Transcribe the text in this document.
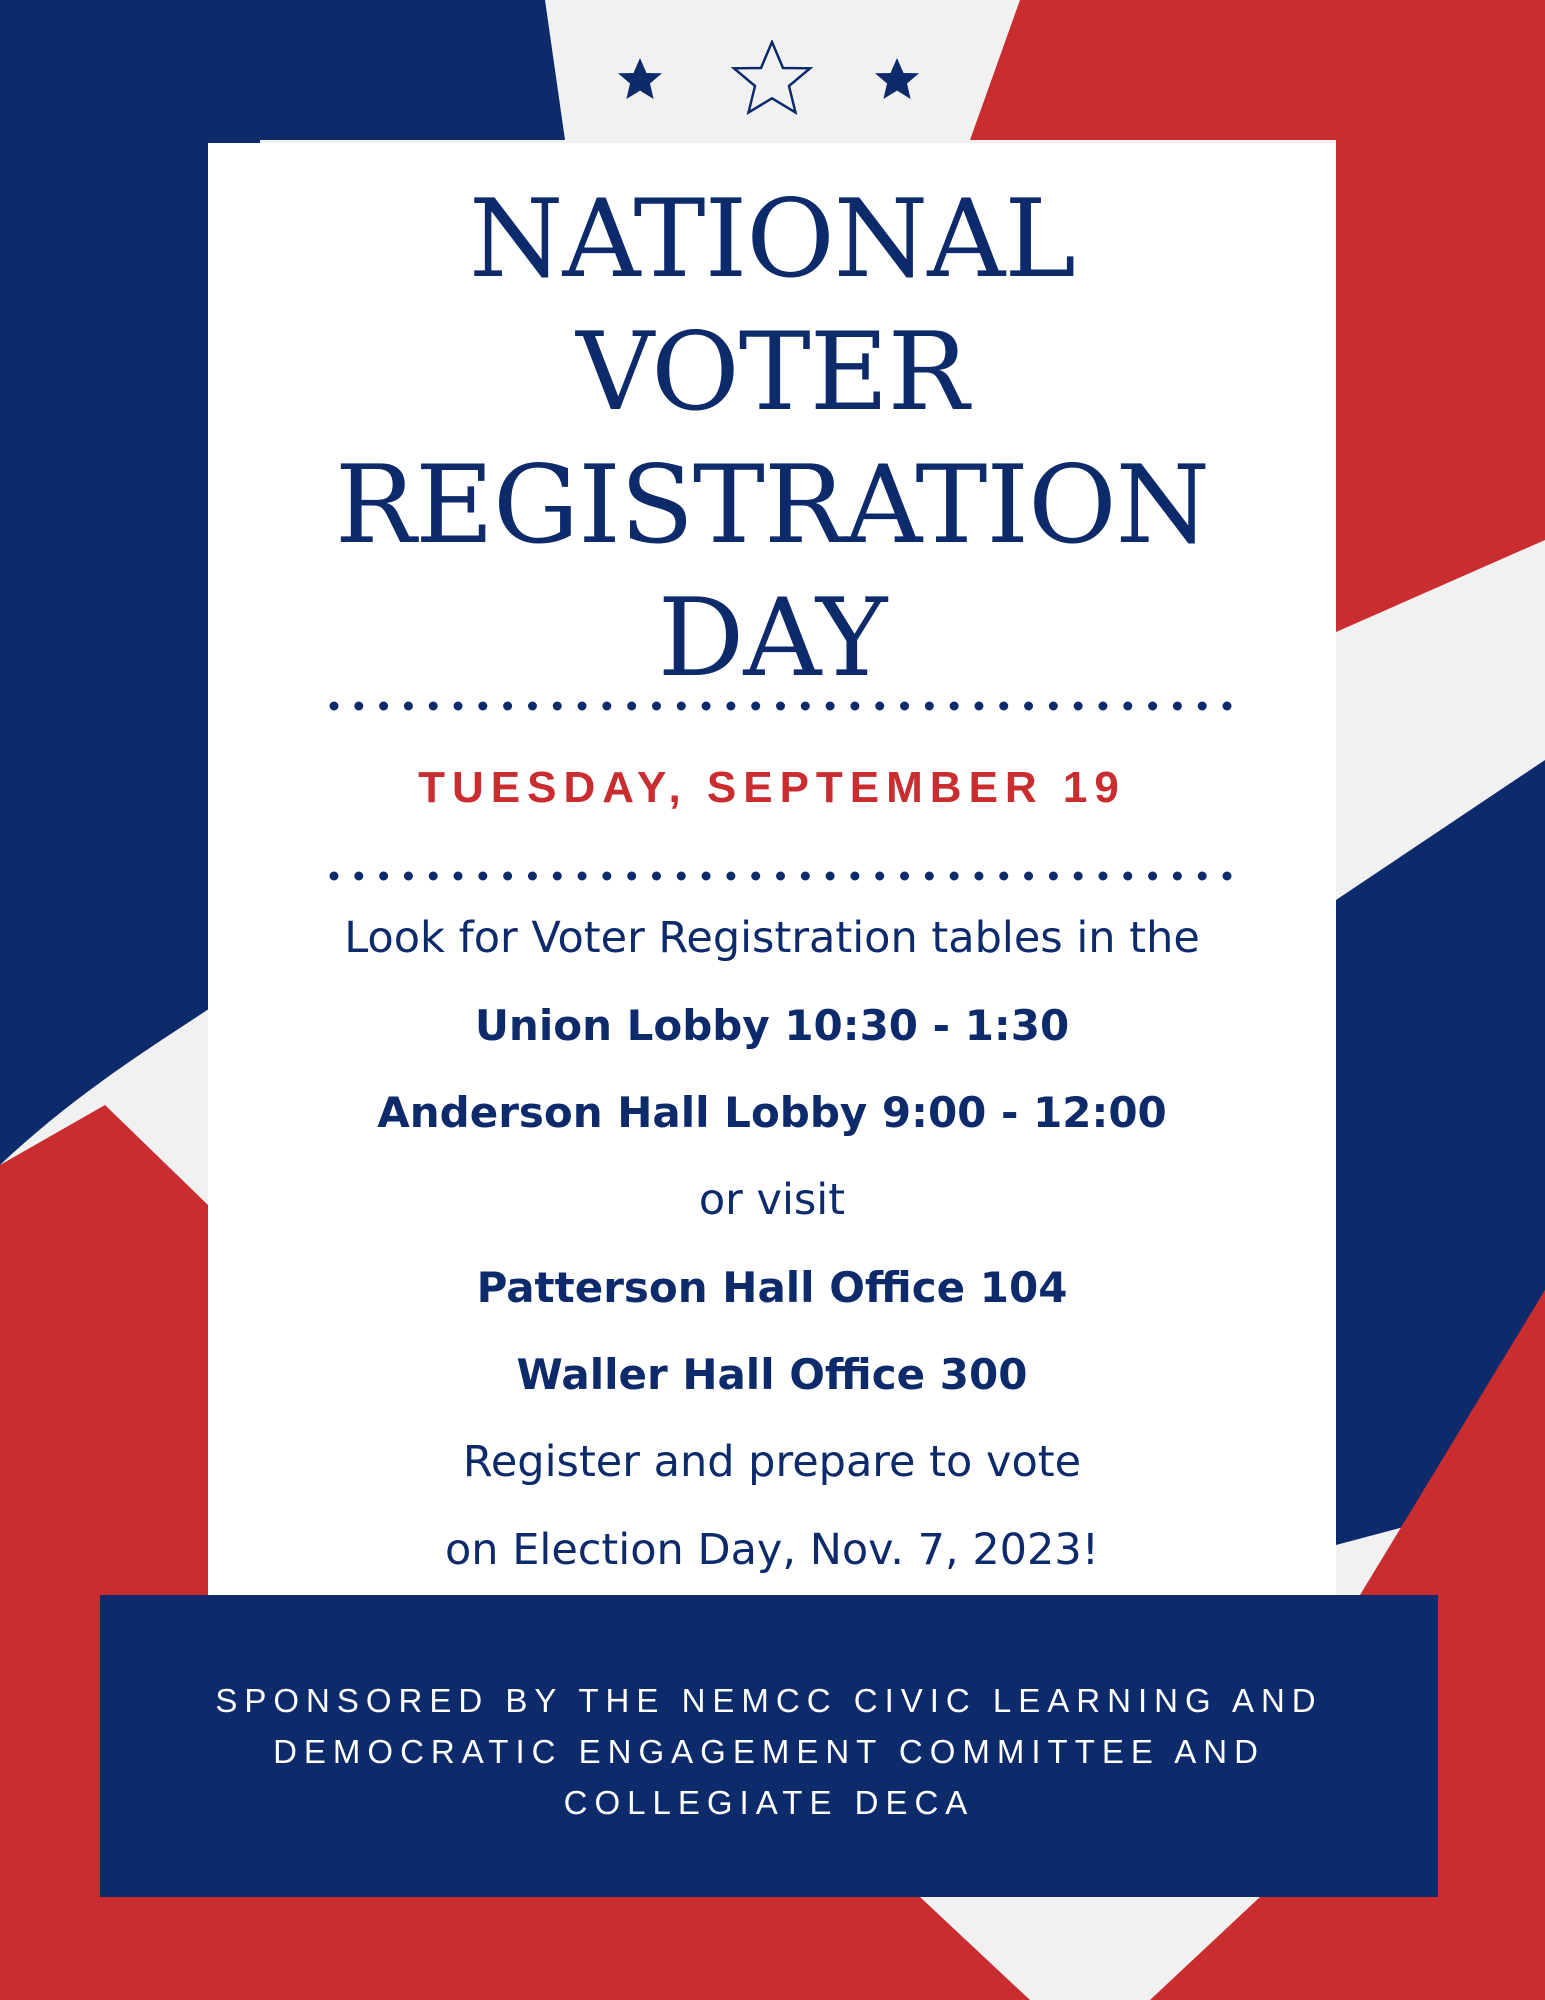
NATIONAL
VOTER
REGISTRATION
DAY
TUESDAY, SEPTEMBER 19
Look for Voter Registration tables in the
Union Lobby 10:30 - 1:30
Anderson Hall Lobby 9:00 - 12:00
or visit
Patterson Hall Office 104
Waller Hall Office 300
Register and prepare to vote
on Election Day, Nov. 7, 2023!
SPONSORED BY THE NEMCC CIVIC LEARNING AND
DEMOCRATIC ENGAGEMENT COMMITTEE AND
COLLEGIATE DECA
